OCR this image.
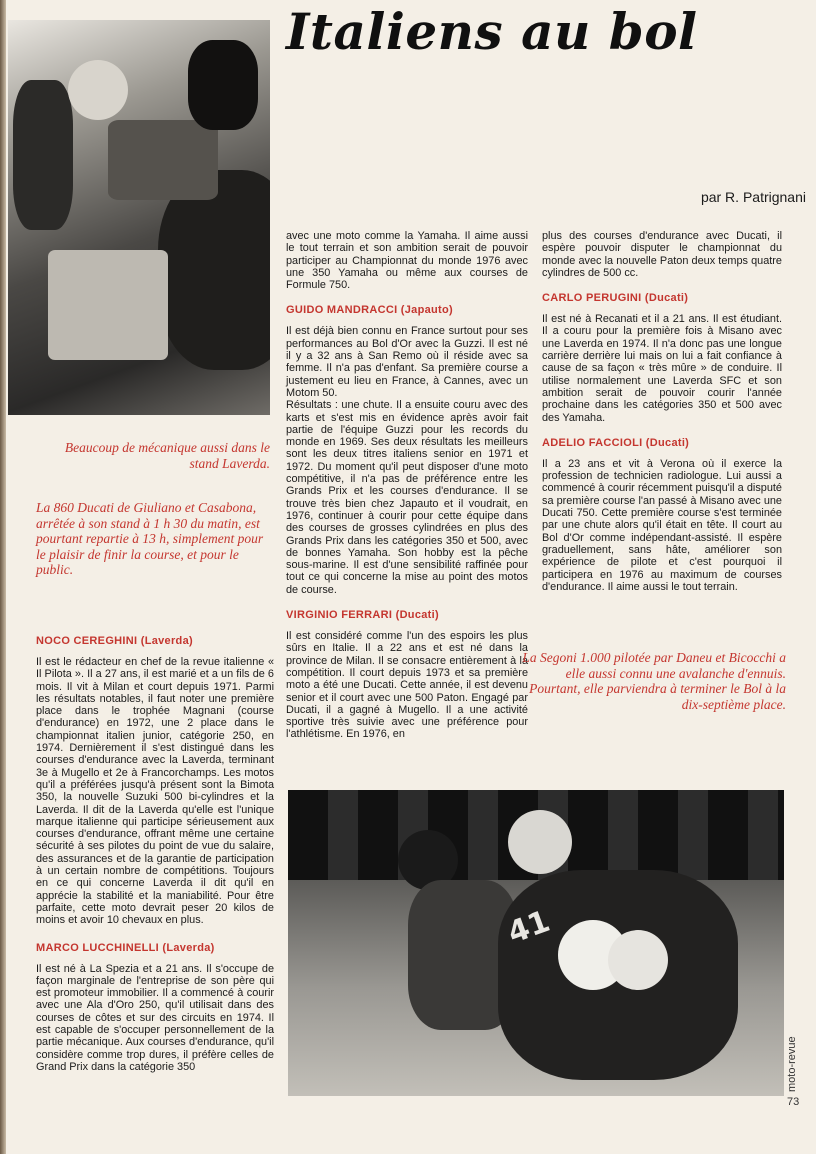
Italiens au bol
Beaucoup de mécanique aussi dans le stand Laverda.
La 860 Ducati de Giuliano et Casabona, arrêtée à son stand à 1 h 30 du matin, est pourtant repartie à 13 h, simplement pour le plaisir de finir la course, et pour le public.
par R. Patrignani
NOCO CEREGHINI (Laverda)

Il est le rédacteur en chef de la revue italienne « Il Pilota ». Il a 27 ans, il est marié et a un fils de 6 mois. Il vit à Milan et court depuis 1971. Parmi les résultats notables, il faut noter une première place dans le trophée Magnani (course d'endurance) en 1972, une 2 place dans le championnat italien junior, catégorie 250, en 1974. Dernièrement il s'est distingué dans les courses d'endurance avec la Laverda, terminant 3e à Mugello et 2e à Francorchamps. Les motos qu'il a préférées jusqu'à présent sont la Bimota 350, la nouvelle Suzuki 500 bi-cylindres et la Laverda. Il dit de la Laverda qu'elle est l'unique marque italienne qui participe sérieusement aux courses d'endurance, offrant même une certaine sécurité à ses pilotes du point de vue du salaire, des assurances et de la garantie de participation à un certain nombre de compétitions. Toujours en ce qui concerne Laverda il dit qu'il en apprécie la stabilité et la maniabilité. Pour être parfaite, cette moto devrait peser 20 kilos de moins et avoir 10 chevaux en plus.

MARCO LUCCHINELLI (Laverda)

Il est né à La Spezia et a 21 ans. Il s'occupe de façon marginale de l'entreprise de son père qui est promoteur immobilier. Il a commencé à courir avec une Ala d'Oro 250, qu'il utilisait dans des courses de côtes et sur des circuits en 1974. Il est capable de s'occuper personnellement de la partie mécanique. Aux courses d'endurance, qu'il considère comme trop dures, il préfère celles de Grand Prix dans la catégorie 350

avec une moto comme la Yamaha. Il aime aussi le tout terrain et son ambition serait de pouvoir participer au Championnat du monde 1976 avec une 350 Yamaha ou même aux courses de Formule 750.

GUIDO MANDRACCI (Japauto)

Il est déjà bien connu en France surtout pour ses performances au Bol d'Or avec la Guzzi. Il est né il y a 32 ans à San Remo où il réside avec sa femme. Il n'a pas d'enfant. Sa première course a justement eu lieu en France, à Cannes, avec un Motom 50.

Résultats : une chute. Il a ensuite couru avec des karts et s'est mis en évidence après avoir fait partie de l'équipe Guzzi pour les records du monde en 1969. Ses deux résultats les meilleurs sont les deux titres italiens senior en 1971 et 1972. Du moment qu'il peut disposer d'une moto compétitive, il n'a pas de préférence entre les Grands Prix et les courses d'endurance. Il se trouve très bien chez Japauto et il voudrait, en 1976, continuer à courir pour cette équipe dans des courses de grosses cylindrées en plus des Grands Prix dans les catégories 350 et 500, avec de bonnes Yamaha. Son hobby est la pêche sous-marine. Il est d'une sensibilité raffinée pour tout ce qui concerne la mise au point des motos de course.

VIRGINIO FERRARI (Ducati)

Il est considéré comme l'un des espoirs les plus sûrs en Italie. Il a 22 ans et est né dans la province de Milan. Il se consacre entièrement à la compétition. Il court depuis 1973 et sa première moto a été une Ducati. Cette année, il est devenu senior et il court avec une 500 Paton. Engagé par Ducati, il a gagné à Mugello. Il a une activité sportive très suivie avec une préférence pour l'athlétisme. En 1976, en

plus des courses d'endurance avec Ducati, il espère pouvoir disputer le championnat du monde avec la nouvelle Paton deux temps quatre cylindres de 500 cc.

CARLO PERUGINI (Ducati)

Il est né à Recanati et il a 21 ans. Il est étudiant. Il a couru pour la première fois à Misano avec une Laverda en 1974. Il n'a donc pas une longue carrière derrière lui mais on lui a fait confiance à cause de sa façon « très mûre » de conduire. Il utilise normalement une Laverda SFC et son ambition serait de pouvoir courir l'année prochaine dans les catégories 350 et 500 avec des Yamaha.

ADELIO FACCIOLI (Ducati)

Il a 23 ans et vit à Verona où il exerce la profession de technicien radiologue. Lui aussi a commencé à courir récemment puisqu'il a disputé sa première course l'an passé à Misano avec une Ducati 750. Cette première course s'est terminée par une chute alors qu'il était en tête. Il court au Bol d'Or comme indépendant-assisté. Il espère graduellement, sans hâte, améliorer son expérience de pilote et c'est pourquoi il participera en 1976 au maximum de courses d'endurance. Il aime aussi le tout terrain.

La Segoni 1.000 pilotée par Daneu et Bicocchi a elle aussi connu une avalanche d'ennuis. Pourtant, elle parviendra à terminer le Bol à la dix-septième place.
41
moto-revue
73
